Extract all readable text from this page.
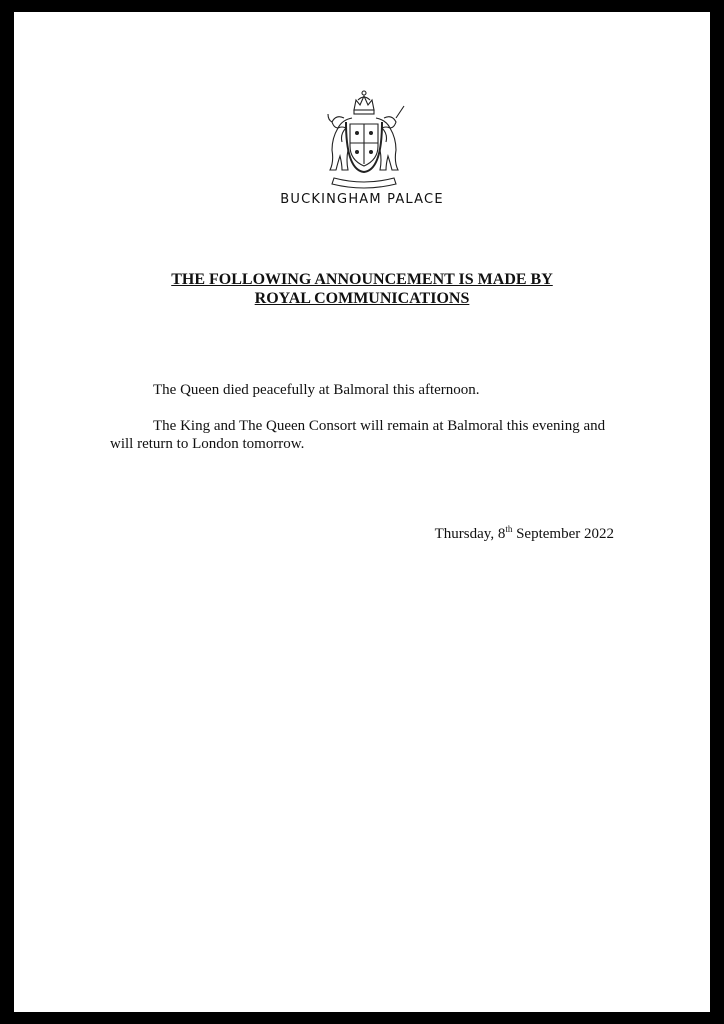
BUCKINGHAM PALACE
THE FOLLOWING ANNOUNCEMENT IS MADE BY
ROYAL COMMUNICATIONS
The Queen died peacefully at Balmoral this afternoon.
The King and The Queen Consort will remain at Balmoral this evening and will return to London tomorrow.
Thursday, 8th September 2022
